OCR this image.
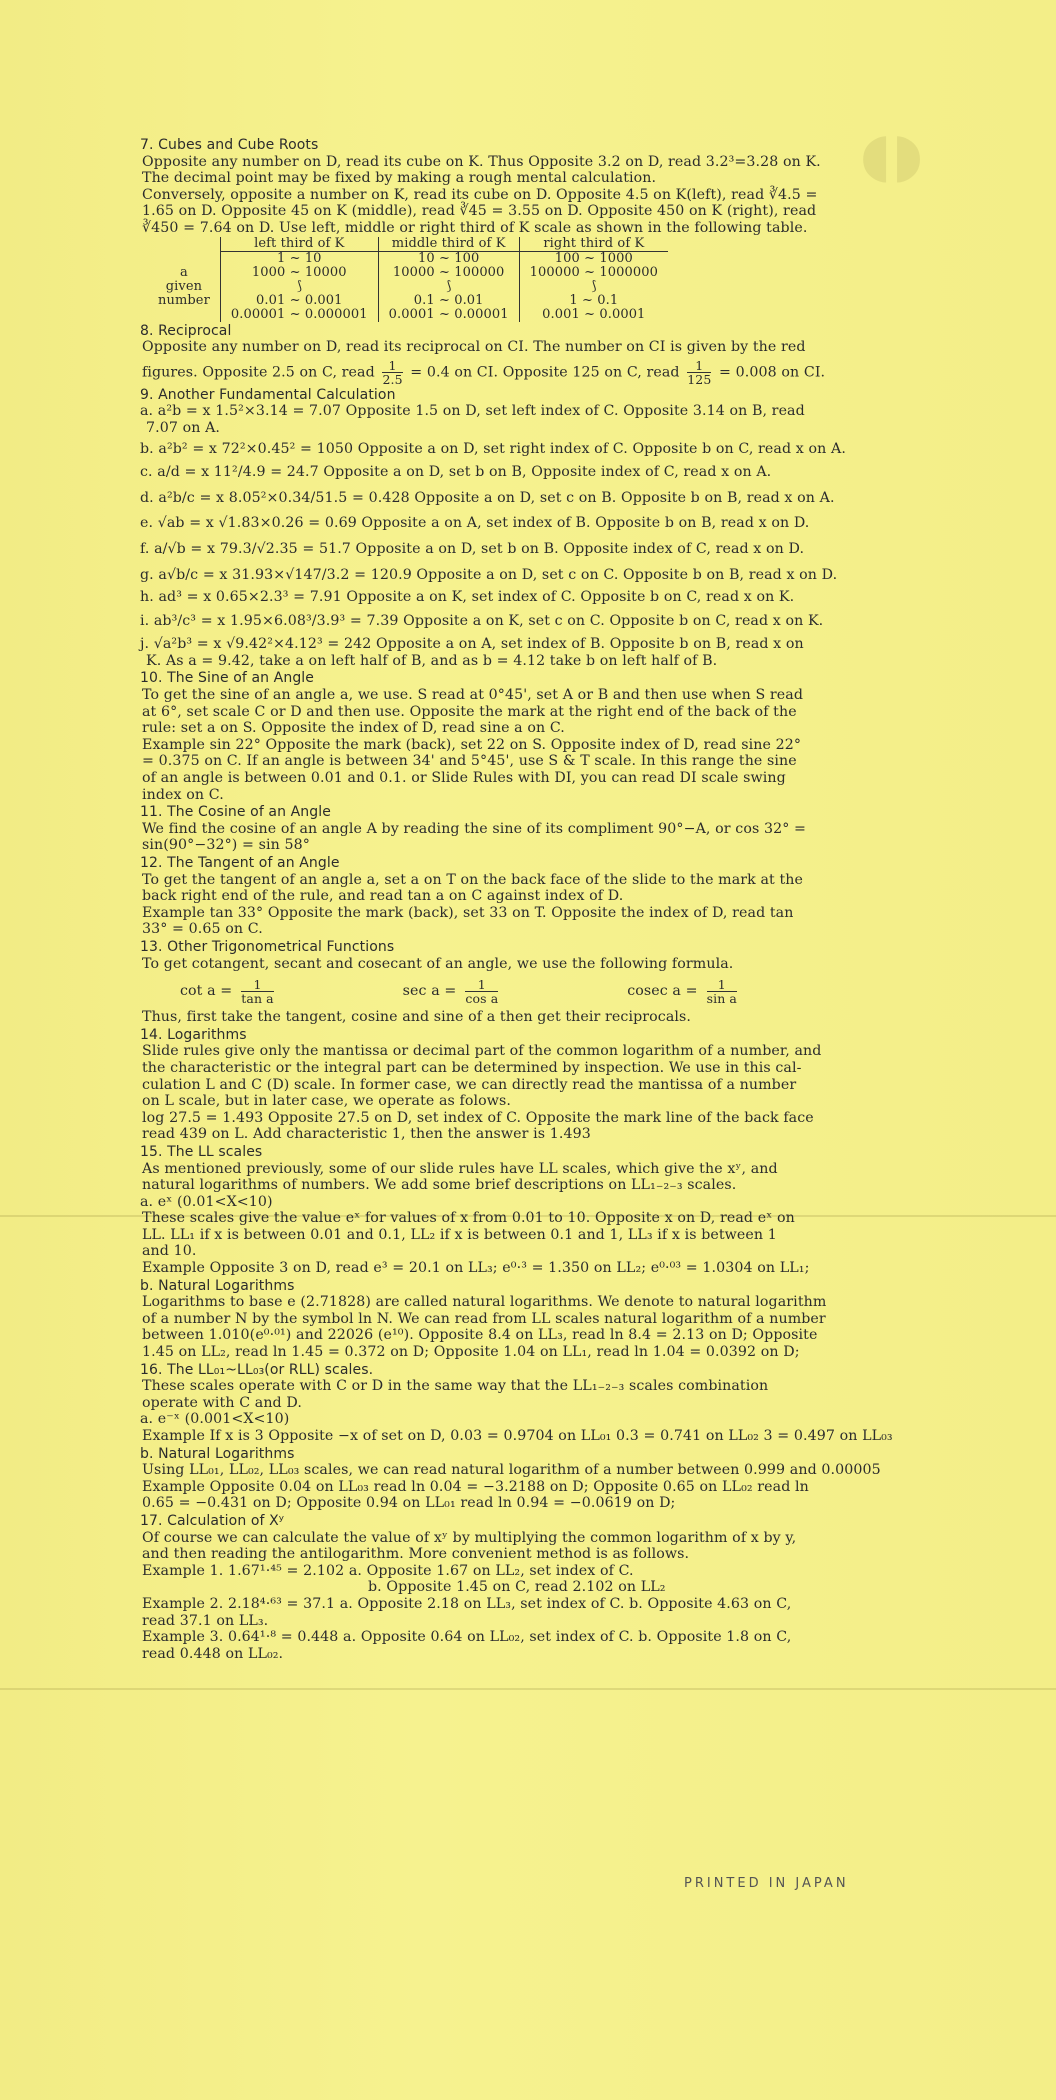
◖◗
7. Cubes and Cube Roots
Opposite any number on D, read its cube on K. Thus Opposite 3.2 on D, read 3.2³=3.28 on K.
The decimal point may be fixed by making a rough mental calculation.
Conversely, opposite a number on K, read its cube on D. Opposite 4.5 on K(left), read ∛4.5 =
1.65 on D. Opposite 45 on K (middle), read ∛45 = 3.55 on D. Opposite 450 on K (right), read
∛450 = 7.64 on D. Use left, middle or right third of K scale as shown in the following table.
	left third of K	middle third of K	right third of K
	1 ~ 10	10 ~ 100	100 ~ 1000
a	1000 ~ 10000	10000 ~ 100000	100000 ~ 1000000
given	⟆	⟆	⟆
number	0.01 ~ 0.001	0.1 ~ 0.01	1 ~ 0.1
	0.00001 ~ 0.000001	0.0001 ~ 0.00001	0.001 ~ 0.0001
8. Reciprocal
Opposite any number on D, read its reciprocal on CI. The number on CI is given by the red
figures. Opposite 2.5 on C, read $\frac{1}{2.5} = 0.4$ on CI. Opposite 125 on C, read $\frac{1}{125} = 0.008$ on CI.
9. Another Fundamental Calculation
a. a²b = x 1.5²×3.14 = 7.07 Opposite 1.5 on D, set left index of C. Opposite 3.14 on B, read
7.07 on A.
b. a²b² = x 72²×0.45² = 1050 Opposite a on D, set right index of C. Opposite b on C, read x on A.
c. a/d = x 11²/4.9 = 24.7 Opposite a on D, set b on B, Opposite index of C, read x on A.
d. a²b/c = x 8.05²×0.34/51.5 = 0.428 Opposite a on D, set c on B. Opposite b on B, read x on A.
e. √ab = x √1.83×0.26 = 0.69 Opposite a on A, set index of B. Opposite b on B, read x on D.
f. a/√b = x 79.3/√2.35 = 51.7 Opposite a on D, set b on B. Opposite index of C, read x on D.
g. a√b/c = x 31.93×√147/3.2 = 120.9 Opposite a on D, set c on C. Opposite b on B, read x on D.
h. ad³ = x 0.65×2.3³ = 7.91 Opposite a on K, set index of C. Opposite b on C, read x on K.
i. ab³/c³ = x 1.95×6.08³/3.9³ = 7.39 Opposite a on K, set c on C. Opposite b on C, read x on K.
j. √a²b³ = x √9.42²×4.12³ = 242 Opposite a on A, set index of B. Opposite b on B, read x on
K. As a = 9.42, take a on left half of B, and as b = 4.12 take b on left half of B.
10. The Sine of an Angle
To get the sine of an angle a, we use. S read at 0°45', set A or B and then use when S read
at 6°, set scale C or D and then use. Opposite the mark at the right end of the back of the
rule: set a on S. Opposite the index of D, read sine a on C.
Example sin 22° Opposite the mark (back), set 22 on S. Opposite index of D, read sine 22°
= 0.375 on C. If an angle is between 34' and 5°45', use S & T scale. In this range the sine
of an angle is between 0.01 and 0.1. or Slide Rules with DI, you can read DI scale swing
index on C.
11. The Cosine of an Angle
We find the cosine of an angle A by reading the sine of its compliment 90°−A, or cos 32° =
sin(90°−32°) = sin 58°
12. The Tangent of an Angle
To get the tangent of an angle a, set a on T on the back face of the slide to the mark at the
back right end of the rule, and read tan a on C against index of D.
Example tan 33° Opposite the mark (back), set 33 on T. Opposite the index of D, read tan
33° = 0.65 on C.
13. Other Trigonometrical Functions
To get cotangent, secant and cosecant of an angle, we use the following formula.
$\cot a = \frac{1}{\text{tan a}}$	$\sec a = \frac{1}{\text{cos a}}$	cosec $a = \frac{1}{\text{sin a}}$
Thus, first take the tangent, cosine and sine of a then get their reciprocals.
14. Logarithms
Slide rules give only the mantissa or decimal part of the common logarithm of a number, and
the characteristic or the integral part can be determined by inspection. We use in this cal-
culation L and C (D) scale. In former case, we can directly read the mantissa of a number
on L scale, but in later case, we operate as folows.
log 27.5 = 1.493 Opposite 27.5 on D, set index of C. Opposite the mark line of the back face
read 439 on L. Add characteristic 1, then the answer is 1.493
15. The LL scales
As mentioned previously, some of our slide rules have LL scales, which give the xʸ, and
natural logarithms of numbers. We add some brief descriptions on LL₁₋₂₋₃ scales.
a. eˣ (0.01<X<10)
These scales give the value eˣ for values of x from 0.01 to 10. Opposite x on D, read eˣ on
LL. LL₁ if x is between 0.01 and 0.1, LL₂ if x is between 0.1 and 1, LL₃ if x is between 1
and 10.
Example Opposite 3 on D, read e³ = 20.1 on LL₃; e⁰·³ = 1.350 on LL₂; e⁰·⁰³ = 1.0304 on LL₁;
b. Natural Logarithms
Logarithms to base e (2.71828) are called natural logarithms. We denote to natural logarithm
of a number N by the symbol ln N. We can read from LL scales natural logarithm of a number
between 1.010(e⁰·⁰¹) and 22026 (e¹⁰). Opposite 8.4 on LL₃, read ln 8.4 = 2.13 on D; Opposite
1.45 on LL₂, read ln 1.45 = 0.372 on D; Opposite 1.04 on LL₁, read ln 1.04 = 0.0392 on D;
16. The LL₀₁~LL₀₃(or RLL) scales.
These scales operate with C or D in the same way that the LL₁₋₂₋₃ scales combination
operate with C and D.
a. e⁻ˣ (0.001<X<10)
Example If x is 3 Opposite −x of set on D, 0.03 = 0.9704 on LL₀₁ 0.3 = 0.741 on LL₀₂ 3 = 0.497 on LL₀₃
b. Natural Logarithms
Using LL₀₁, LL₀₂, LL₀₃ scales, we can read natural logarithm of a number between 0.999 and 0.00005
Example Opposite 0.04 on LL₀₃ read ln 0.04 = −3.2188 on D; Opposite 0.65 on LL₀₂ read ln
0.65 = −0.431 on D; Opposite 0.94 on LL₀₁ read ln 0.94 = −0.0619 on D;
17. Calculation of Xʸ
Of course we can calculate the value of xʸ by multiplying the common logarithm of x by y,
and then reading the antilogarithm. More convenient method is as follows.
Example 1. 1.67¹·⁴⁵ = 2.102 a. Opposite 1.67 on LL₂, set index of C.
b. Opposite 1.45 on C, read 2.102 on LL₂
Example 2. 2.18⁴·⁶³ = 37.1 a. Opposite 2.18 on LL₃, set index of C. b. Opposite 4.63 on C,
read 37.1 on LL₃.
Example 3. 0.64¹·⁸ = 0.448 a. Opposite 0.64 on LL₀₂, set index of C. b. Opposite 1.8 on C,
read 0.448 on LL₀₂.
PRINTED IN JAPAN
